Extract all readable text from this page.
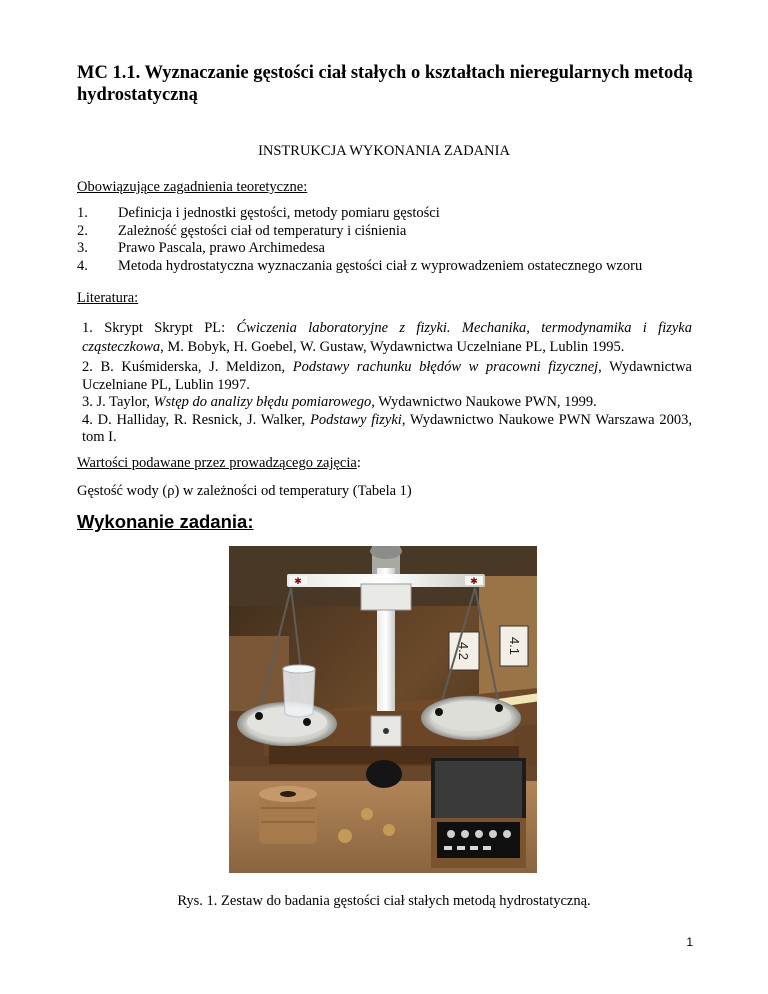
MC 1.1. Wyznaczanie gęstości ciał stałych o kształtach nieregularnych metodą hydrostatyczną

INSTRUKCJA WYKONANIA ZADANIA

Obowiązujące zagadnienia teoretyczne:

1. Definicja i jednostki gęstości, metody pomiaru gęstości
2. Zależność gęstości ciał od temperatury i ciśnienia
3. Prawo Pascala, prawo Archimedesa
4. Metoda hydrostatyczna wyznaczania gęstości ciał z wyprowadzeniem ostatecznego wzoru

Literatura:

1. Skrypt Skrypt PL: Ćwiczenia laboratoryjne z fizyki. Mechanika, termodynamika i fizyka cząsteczkowa, M. Bobyk, H. Goebel, W. Gustaw, Wydawnictwa Uczelniane PL, Lublin 1995.

2. B. Kuśmiderska, J. Meldizon, Podstawy rachunku błędów w pracowni fizycznej, Wydawnictwa Uczelniane PL, Lublin 1997.

3. J. Taylor, Wstęp do analizy błędu pomiarowego, Wydawnictwo Naukowe PWN, 1999.

4. D. Halliday, R. Resnick, J. Walker, Podstawy fizyki, Wydawnictwo Naukowe PWN Warszawa 2003, tom I.

Wartości podawane przez prowadzącego zajęcia:

Gęstość wody (ρ) w zależności od temperatury (Tabela 1)

Wykonanie zadania:
4.2	4.1
✱	✱

Rys. 1. Zestaw do badania gęstości ciał stałych metodą hydrostatyczną.

1
